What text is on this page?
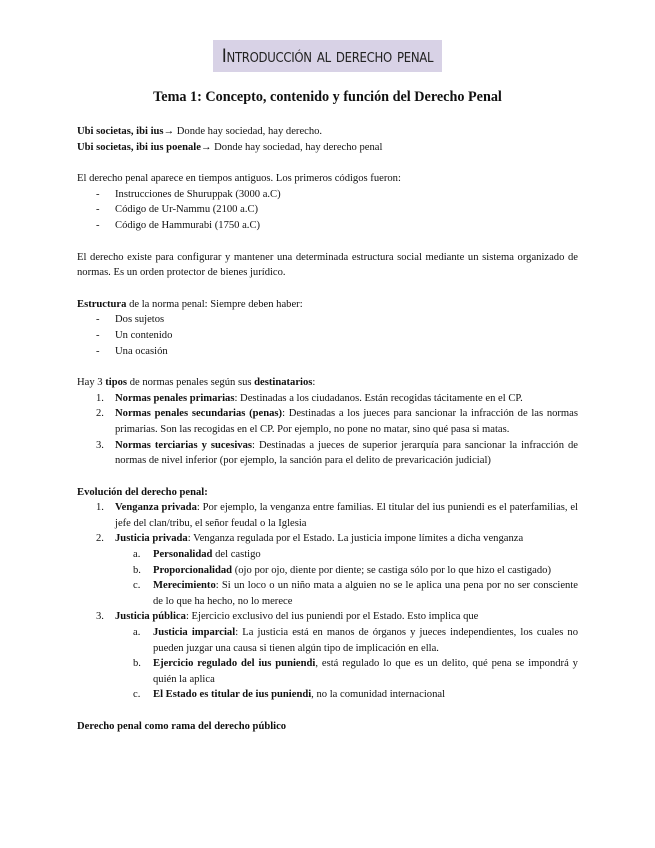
Introducción al derecho penal
Tema 1: Concepto, contenido y función del Derecho Penal

Ubi societas, ibi ius→ Donde hay sociedad, hay derecho.

Ubi societas, ibi ius poenale→ Donde hay sociedad, hay derecho penal

El derecho penal aparece en tiempos antiguos. Los primeros códigos fueron:

- Instrucciones de Shuruppak (3000 a.C)
- Código de Ur-Nammu (2100 a.C)
- Código de Hammurabi (1750 a.C)

El derecho existe para configurar y mantener una determinada estructura social mediante un sistema organizado de normas. Es un orden protector de bienes jurídico.

Estructura de la norma penal: Siempre deben haber:

- Dos sujetos
- Un contenido
- Una ocasión

Hay 3 tipos de normas penales según sus destinatarios:

1. Normas penales primarias: Destinadas a los ciudadanos. Están recogidas tácitamente en el CP.
2. Normas penales secundarias (penas): Destinadas a los jueces para sancionar la infracción de las normas primarias. Son las recogidas en el CP. Por ejemplo, no pone no matar, sino qué pasa si matas.
3. Normas terciarias y sucesivas: Destinadas a jueces de superior jerarquía para sancionar la infracción de normas de nivel inferior (por ejemplo, la sanción para el delito de prevaricación judicial)

Evolución del derecho penal:

1. Venganza privada: Por ejemplo, la venganza entre familias. El titular del ius puniendi es el paterfamilias, el jefe del clan/tribu, el señor feudal o la Iglesia
2. Justicia privada: Venganza regulada por el Estado. La justicia impone límites a dicha venganza
a. Personalidad del castigo
b. Proporcionalidad (ojo por ojo, diente por diente; se castiga sólo por lo que hizo el castigado)
c. Merecimiento: Si un loco o un niño mata a alguien no se le aplica una pena por no ser consciente de lo que ha hecho, no lo merece
3. Justicia pública: Ejercicio exclusivo del ius puniendi por el Estado. Esto implica que
a. Justicia imparcial: La justicia está en manos de órganos y jueces independientes, los cuales no pueden juzgar una causa si tienen algún tipo de implicación en ella.
b. Ejercicio regulado del ius puniendi, está regulado lo que es un delito, qué pena se impondrá y quién la aplica
c. El Estado es titular de ius puniendi, no la comunidad internacional

Derecho penal como rama del derecho público
